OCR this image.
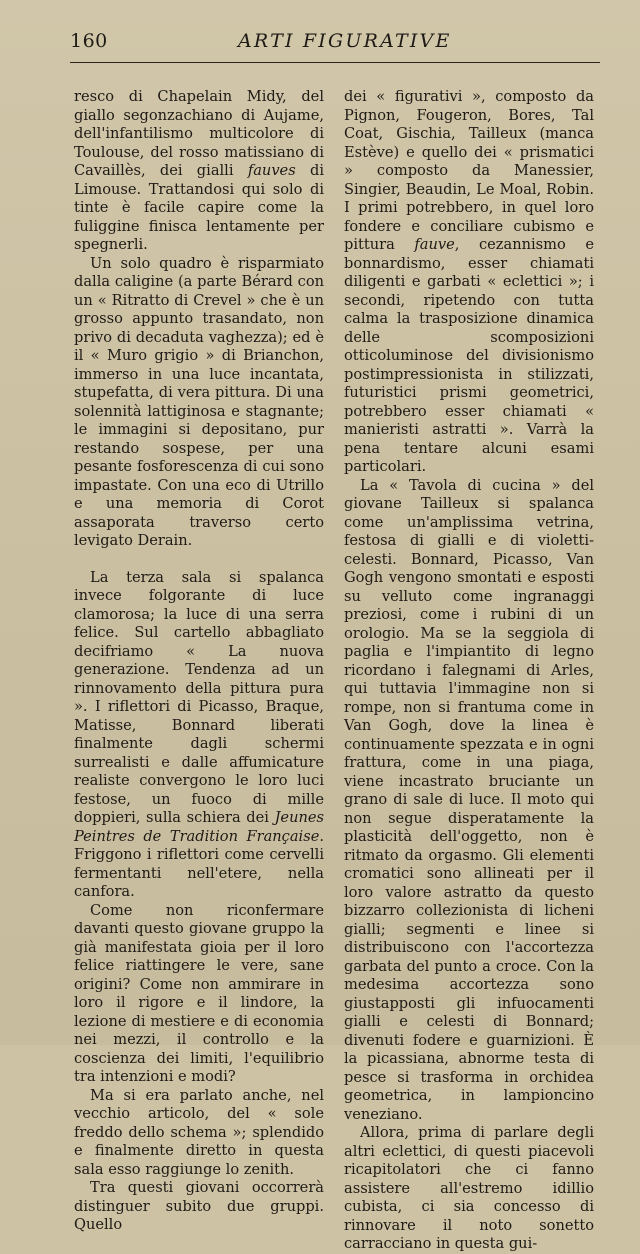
160	ARTI FIGURATIVE

resco di Chapelain Midy, del giallo segonzachiano di Aujame, dell'infantilismo multicolore di Toulouse, del rosso matissiano di Cavaillès, dei gialli fauves di Limouse. Trattandosi qui solo di tinte è facile capire come la fuliggine finisca lentamente per spegnerli.

Un solo quadro è risparmiato dalla caligine (a parte Bérard con un « Ritratto di Crevel » che è un grosso appunto trasandato, non privo di decaduta vaghezza); ed è il « Muro grigio » di Brianchon, immerso in una luce incantata, stupefatta, di vera pittura. Di una solennità lattiginosa e stagnante; le immagini si depositano, pur restando sospese, per una pesante fosforescenza di cui sono impastate. Con una eco di Utrillo e una memoria di Corot assaporata traverso certo levigato Derain.

La terza sala si spalanca invece folgorante di luce clamorosa; la luce di una serra felice. Sul cartello abbagliato decifriamo « La nuova generazione. Tendenza ad un rinnovamento della pittura pura ». I riflettori di Picasso, Braque, Matisse, Bonnard liberati finalmente dagli schermi surrealisti e dalle affumicature realiste convergono le loro luci festose, un fuoco di mille doppieri, sulla schiera dei Jeunes Peintres de Tradition Française. Friggono i riflettori come cervelli fermentanti nell'etere, nella canfora.

Come non riconfermare davanti questo giovane gruppo la già manifestata gioia per il loro felice riattingere le vere, sane origini? Come non ammirare in loro il rigore e il lindore, la lezione di mestiere e di economia nei mezzi, il controllo e la coscienza dei limiti, l'equilibrio tra intenzioni e modi?

Ma si era parlato anche, nel vecchio articolo, del « sole freddo dello schema »; splendido e finalmente diretto in questa sala esso raggiunge lo zenith.

Tra questi giovani occorrerà distinguer subito due gruppi. Quello

dei « figurativi », composto da Pignon, Fougeron, Bores, Tal Coat, Gischia, Tailleux (manca Estève) e quello dei « prismatici » composto da Manessier, Singier, Beaudin, Le Moal, Robin. I primi potrebbero, in quel loro fondere e conciliare cubismo e pittura fauve, cezannismo e bonnardismo, esser chiamati diligenti e garbati « eclettici »; i secondi, ripetendo con tutta calma la trasposizione dinamica delle scomposizioni otticoluminose del divisionismo postimpressionista in stilizzati, futuristici prismi geometrici, potrebbero esser chiamati « manieristi astratti ». Varrà la pena tentare alcuni esami particolari.

La « Tavola di cucina » del giovane Tailleux si spalanca come un'amplissima vetrina, festosa di gialli e di violetti-celesti. Bonnard, Picasso, Van Gogh vengono smontati e esposti su velluto come ingranaggi preziosi, come i rubini di un orologio. Ma se la seggiola di paglia e l'impiantito di legno ricordano i falegnami di Arles, qui tuttavia l'immagine non si rompe, non si frantuma come in Van Gogh, dove la linea è continuamente spezzata e in ogni frattura, come in una piaga, viene incastrato bruciante un grano di sale di luce. Il moto qui non segue disperatamente la plasticità dell'oggetto, non è ritmato da orgasmo. Gli elementi cromatici sono allineati per il loro valore astratto da questo bizzarro collezionista di licheni gialli; segmenti e linee si distribuiscono con l'accortezza garbata del punto a croce. Con la medesima accortezza sono giustapposti gli infuocamenti gialli e celesti di Bonnard; divenuti fodere e guarnizioni. È la picassiana, abnorme testa di pesce si trasforma in orchidea geometrica, in lampioncino veneziano.

Allora, prima di parlare degli altri eclettici, di questi piacevoli ricapitolatori che ci fanno assistere all'estremo idillio cubista, ci sia concesso di rinnovare il noto sonetto carracciano in questa gui-
